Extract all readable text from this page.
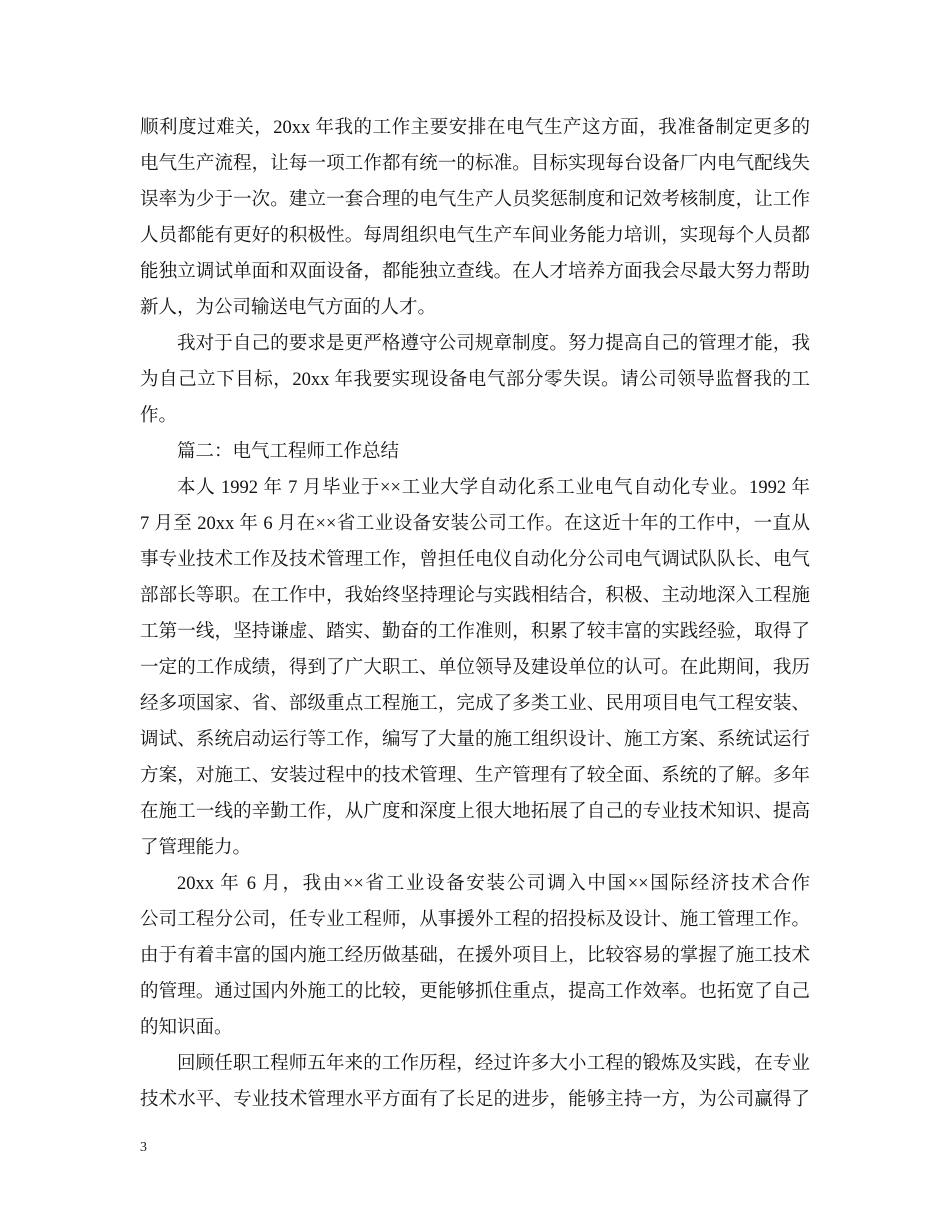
顺利度过难关，20xx 年我的工作主要安排在电气生产这方面，我准备制定更多的
电气生产流程，让每一项工作都有统一的标准。目标实现每台设备厂内电气配线失
误率为少于一次。建立一套合理的电气生产人员奖惩制度和记效考核制度，让工作
人员都能有更好的积极性。每周组织电气生产车间业务能力培训，实现每个人员都
能独立调试单面和双面设备，都能独立查线。在人才培养方面我会尽最大努力帮助
新人，为公司输送电气方面的人才。
我对于自己的要求是更严格遵守公司规章制度。努力提高自己的管理才能，我
为自己立下目标，20xx 年我要实现设备电气部分零失误。请公司领导监督我的工
作。
篇二：电气工程师工作总结
本人 1992 年 7 月毕业于××工业大学自动化系工业电气自动化专业。1992 年
7 月至 20xx 年 6 月在××省工业设备安装公司工作。在这近十年的工作中，一直从
事专业技术工作及技术管理工作，曾担任电仪自动化分公司电气调试队队长、电气
部部长等职。在工作中，我始终坚持理论与实践相结合，积极、主动地深入工程施
工第一线，坚持谦虚、踏实、勤奋的工作准则，积累了较丰富的实践经验，取得了
一定的工作成绩，得到了广大职工、单位领导及建设单位的认可。在此期间，我历
经多项国家、省、部级重点工程施工，完成了多类工业、民用项目电气工程安装、
调试、系统启动运行等工作，编写了大量的施工组织设计、施工方案、系统试运行
方案，对施工、安装过程中的技术管理、生产管理有了较全面、系统的了解。多年
在施工一线的辛勤工作，从广度和深度上很大地拓展了自己的专业技术知识、提高
了管理能力。
20xx 年 6 月，我由××省工业设备安装公司调入中国××国际经济技术合作
公司工程分公司，任专业工程师，从事援外工程的招投标及设计、施工管理工作。
由于有着丰富的国内施工经历做基础，在援外项目上，比较容易的掌握了施工技术
的管理。通过国内外施工的比较，更能够抓住重点，提高工作效率。也拓宽了自己
的知识面。
回顾任职工程师五年来的工作历程，经过许多大小工程的锻炼及实践，在专业
技术水平、专业技术管理水平方面有了长足的进步，能够主持一方，为公司赢得了
3
